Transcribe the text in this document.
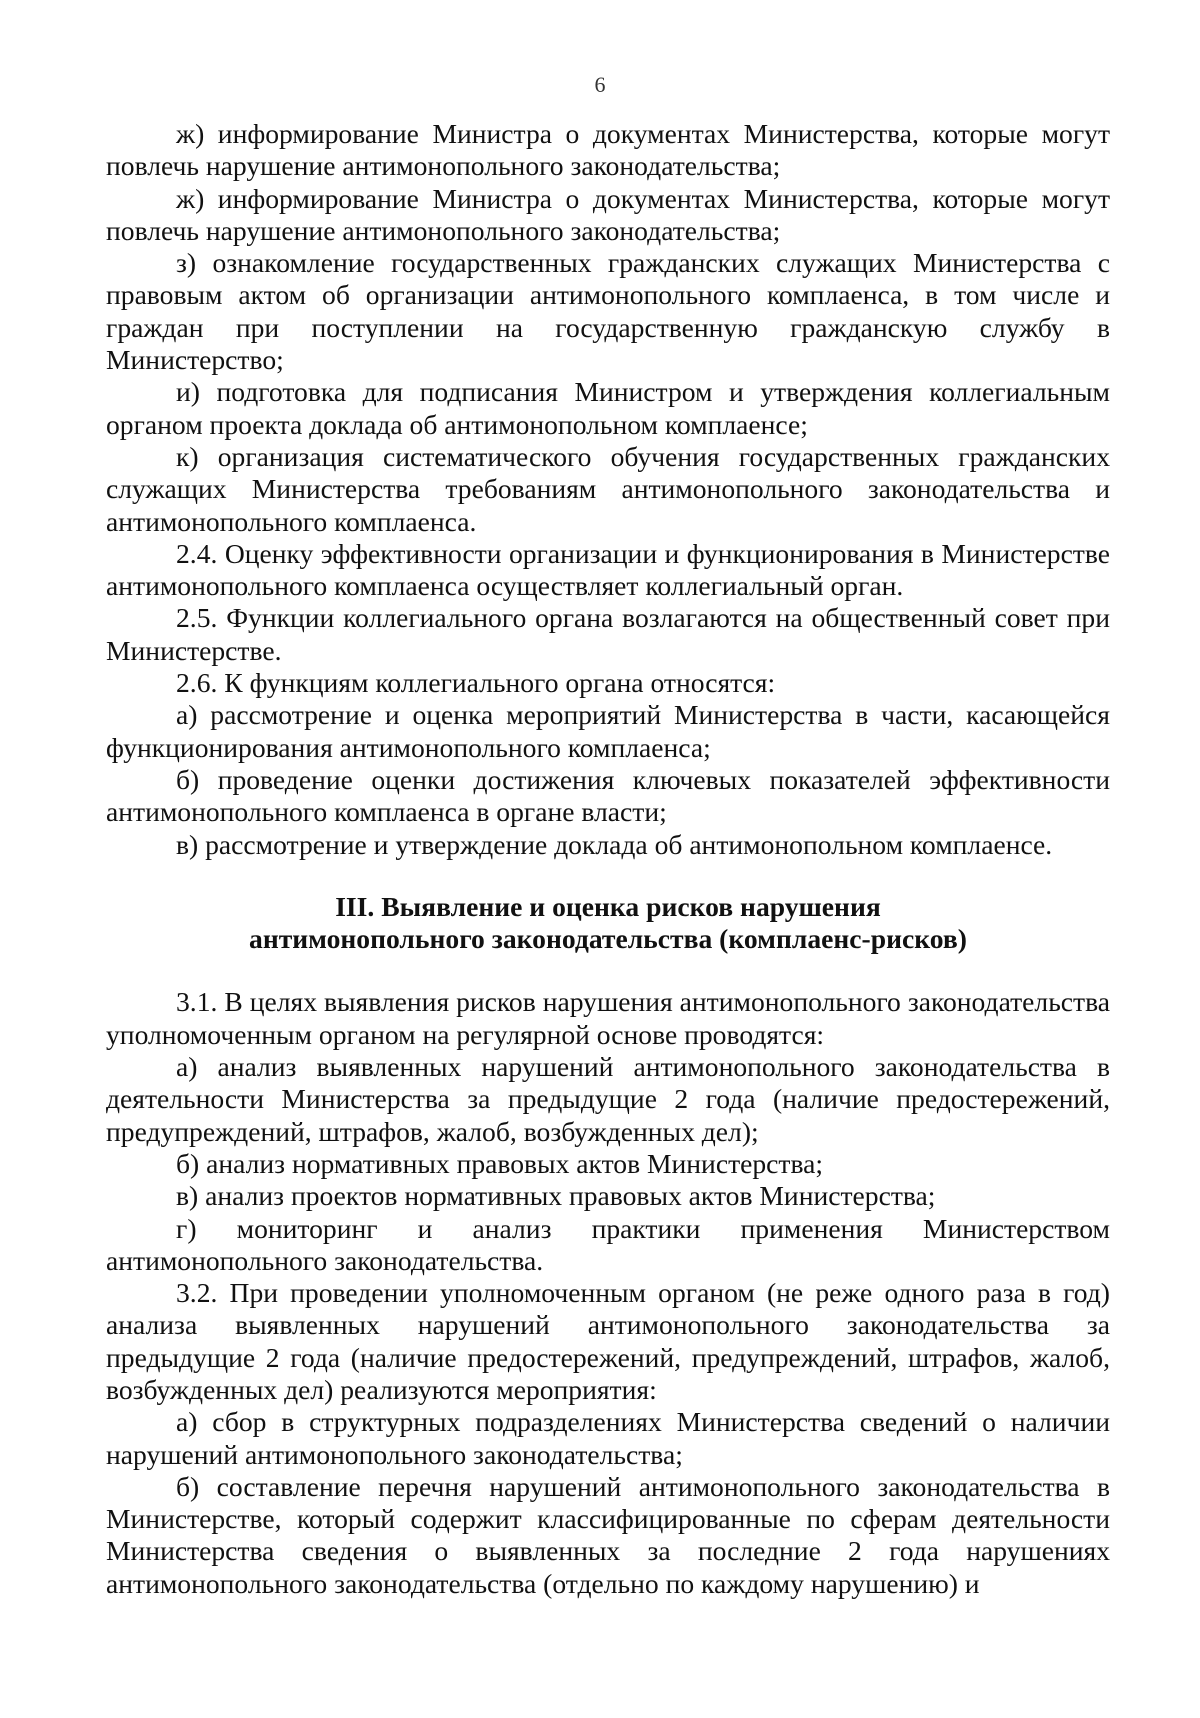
6

ж) информирование Министра о документах Министерства, которые могут повлечь нарушение антимонопольного законодательства;

ж) информирование Министра о документах Министерства, которые могут повлечь нарушение антимонопольного законодательства;

з) ознакомление государственных гражданских служащих Министерства с правовым актом об организации антимонопольного комплаенса, в том числе и граждан при поступлении на государственную гражданскую службу в Министерство;

и) подготовка для подписания Министром и утверждения коллегиальным органом проекта доклада об антимонопольном комплаенсе;

к) организация систематического обучения государственных гражданских служащих Министерства требованиям антимонопольного законодательства и антимонопольного комплаенса.

2.4. Оценку эффективности организации и функционирования в Министерстве антимонопольного комплаенса осуществляет коллегиальный орган.

2.5. Функции коллегиального органа возлагаются на общественный совет при Министерстве.

2.6. К функциям коллегиального органа относятся:

а) рассмотрение и оценка мероприятий Министерства в части, касающейся функционирования антимонопольного комплаенса;

б) проведение оценки достижения ключевых показателей эффективности антимонопольного комплаенса в органе власти;

в) рассмотрение и утверждение доклада об антимонопольном комплаенсе.

III. Выявление и оценка рисков нарушения
антимонопольного законодательства (комплаенс-рисков)

3.1. В целях выявления рисков нарушения антимонопольного законодательства уполномоченным органом на регулярной основе проводятся:

а) анализ выявленных нарушений антимонопольного законодательства в деятельности Министерства за предыдущие 2 года (наличие предостережений, предупреждений, штрафов, жалоб, возбужденных дел);

б) анализ нормативных правовых актов Министерства;

в) анализ проектов нормативных правовых актов Министерства;

г) мониторинг и анализ практики применения Министерством антимонопольного законодательства.

3.2. При проведении уполномоченным органом (не реже одного раза в год) анализа выявленных нарушений антимонопольного законодательства за предыдущие 2 года (наличие предостережений, предупреждений, штрафов, жалоб, возбужденных дел) реализуются мероприятия:

а) сбор в структурных подразделениях Министерства сведений о наличии нарушений антимонопольного законодательства;

б) составление перечня нарушений антимонопольного законодательства в Министерстве, который содержит классифицированные по сферам деятельности Министерства сведения о выявленных за последние 2 года нарушениях антимонопольного законодательства (отдельно по каждому нарушению) и
